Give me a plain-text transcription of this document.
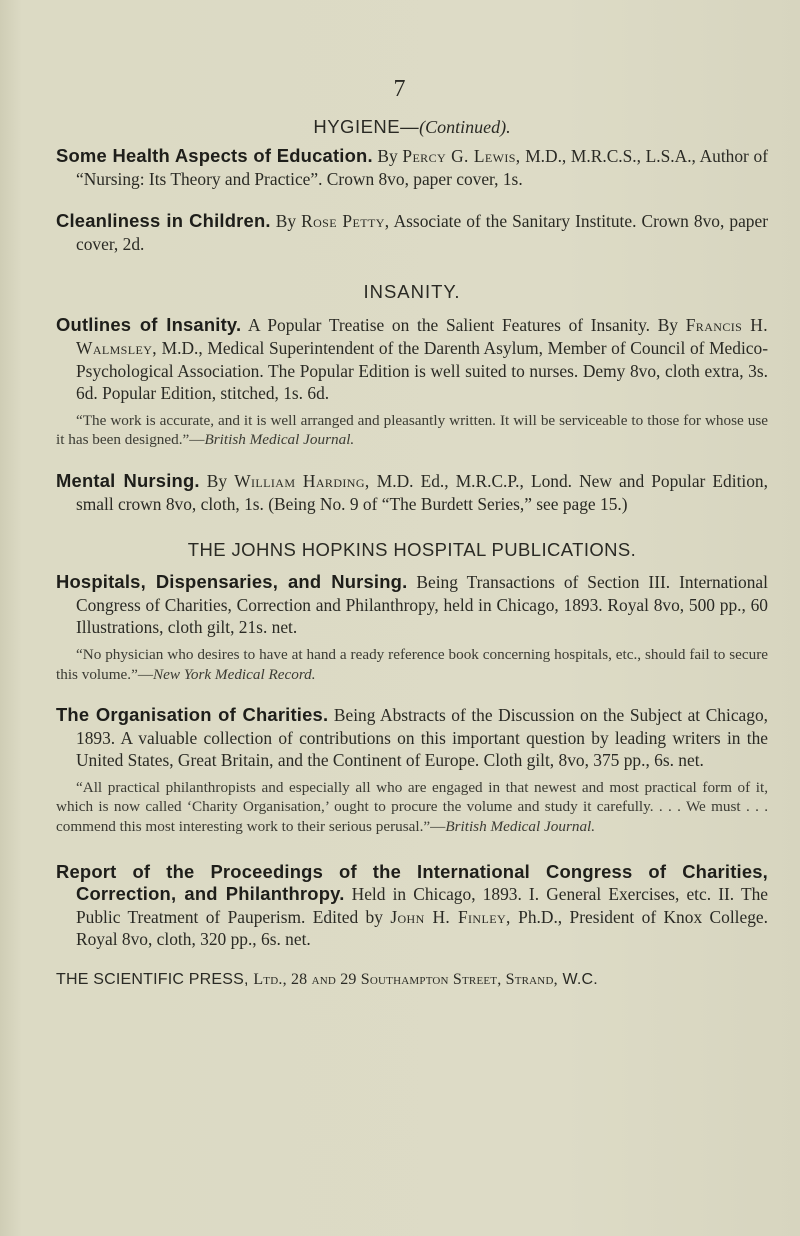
7
HYGIENE—(Continued).

Some Health Aspects of Education. By Percy G. Lewis, M.D., M.R.C.S., L.S.A., Author of “Nursing: Its Theory and Practice”. Crown 8vo, paper cover, 1s.

Cleanliness in Children. By Rose Petty, Associate of the Sanitary Institute. Crown 8vo, paper cover, 2d.

INSANITY.

Outlines of Insanity. A Popular Treatise on the Salient Features of Insanity. By Francis H. Walmsley, M.D., Medical Superintendent of the Darenth Asylum, Member of Council of Medico-Psychological Association. The Popular Edition is well suited to nurses. Demy 8vo, cloth extra, 3s. 6d. Popular Edition, stitched, 1s. 6d.

“The work is accurate, and it is well arranged and pleasantly written. It will be serviceable to those for whose use it has been designed.”—British Medical Journal.

Mental Nursing. By William Harding, M.D. Ed., M.R.C.P., Lond. New and Popular Edition, small crown 8vo, cloth, 1s. (Being No. 9 of “The Burdett Series,” see page 15.)

THE JOHNS HOPKINS HOSPITAL PUBLICATIONS.

Hospitals, Dispensaries, and Nursing. Being Transactions of Section III. International Congress of Charities, Correction and Philanthropy, held in Chicago, 1893. Royal 8vo, 500 pp., 60 Illustrations, cloth gilt, 21s. net.

“No physician who desires to have at hand a ready reference book concerning hospitals, etc., should fail to secure this volume.”—New York Medical Record.

The Organisation of Charities. Being Abstracts of the Discussion on the Subject at Chicago, 1893. A valuable collection of contributions on this important question by leading writers in the United States, Great Britain, and the Continent of Europe. Cloth gilt, 8vo, 375 pp., 6s. net.

“All practical philanthropists and especially all who are engaged in that newest and most practical form of it, which is now called ‘Charity Organisation,’ ought to procure the volume and study it carefully. . . . We must . . . commend this most interesting work to their serious perusal.”—British Medical Journal.

Report of the Proceedings of the International Congress of Charities, Correction, and Philanthropy. Held in Chicago, 1893. I. General Exercises, etc. II. The Public Treatment of Pauperism. Edited by John H. Finley, Ph.D., President of Knox College. Royal 8vo, cloth, 320 pp., 6s. net.

THE SCIENTIFIC PRESS, Ltd., 28 and 29 Southampton Street, Strand, W.C.
